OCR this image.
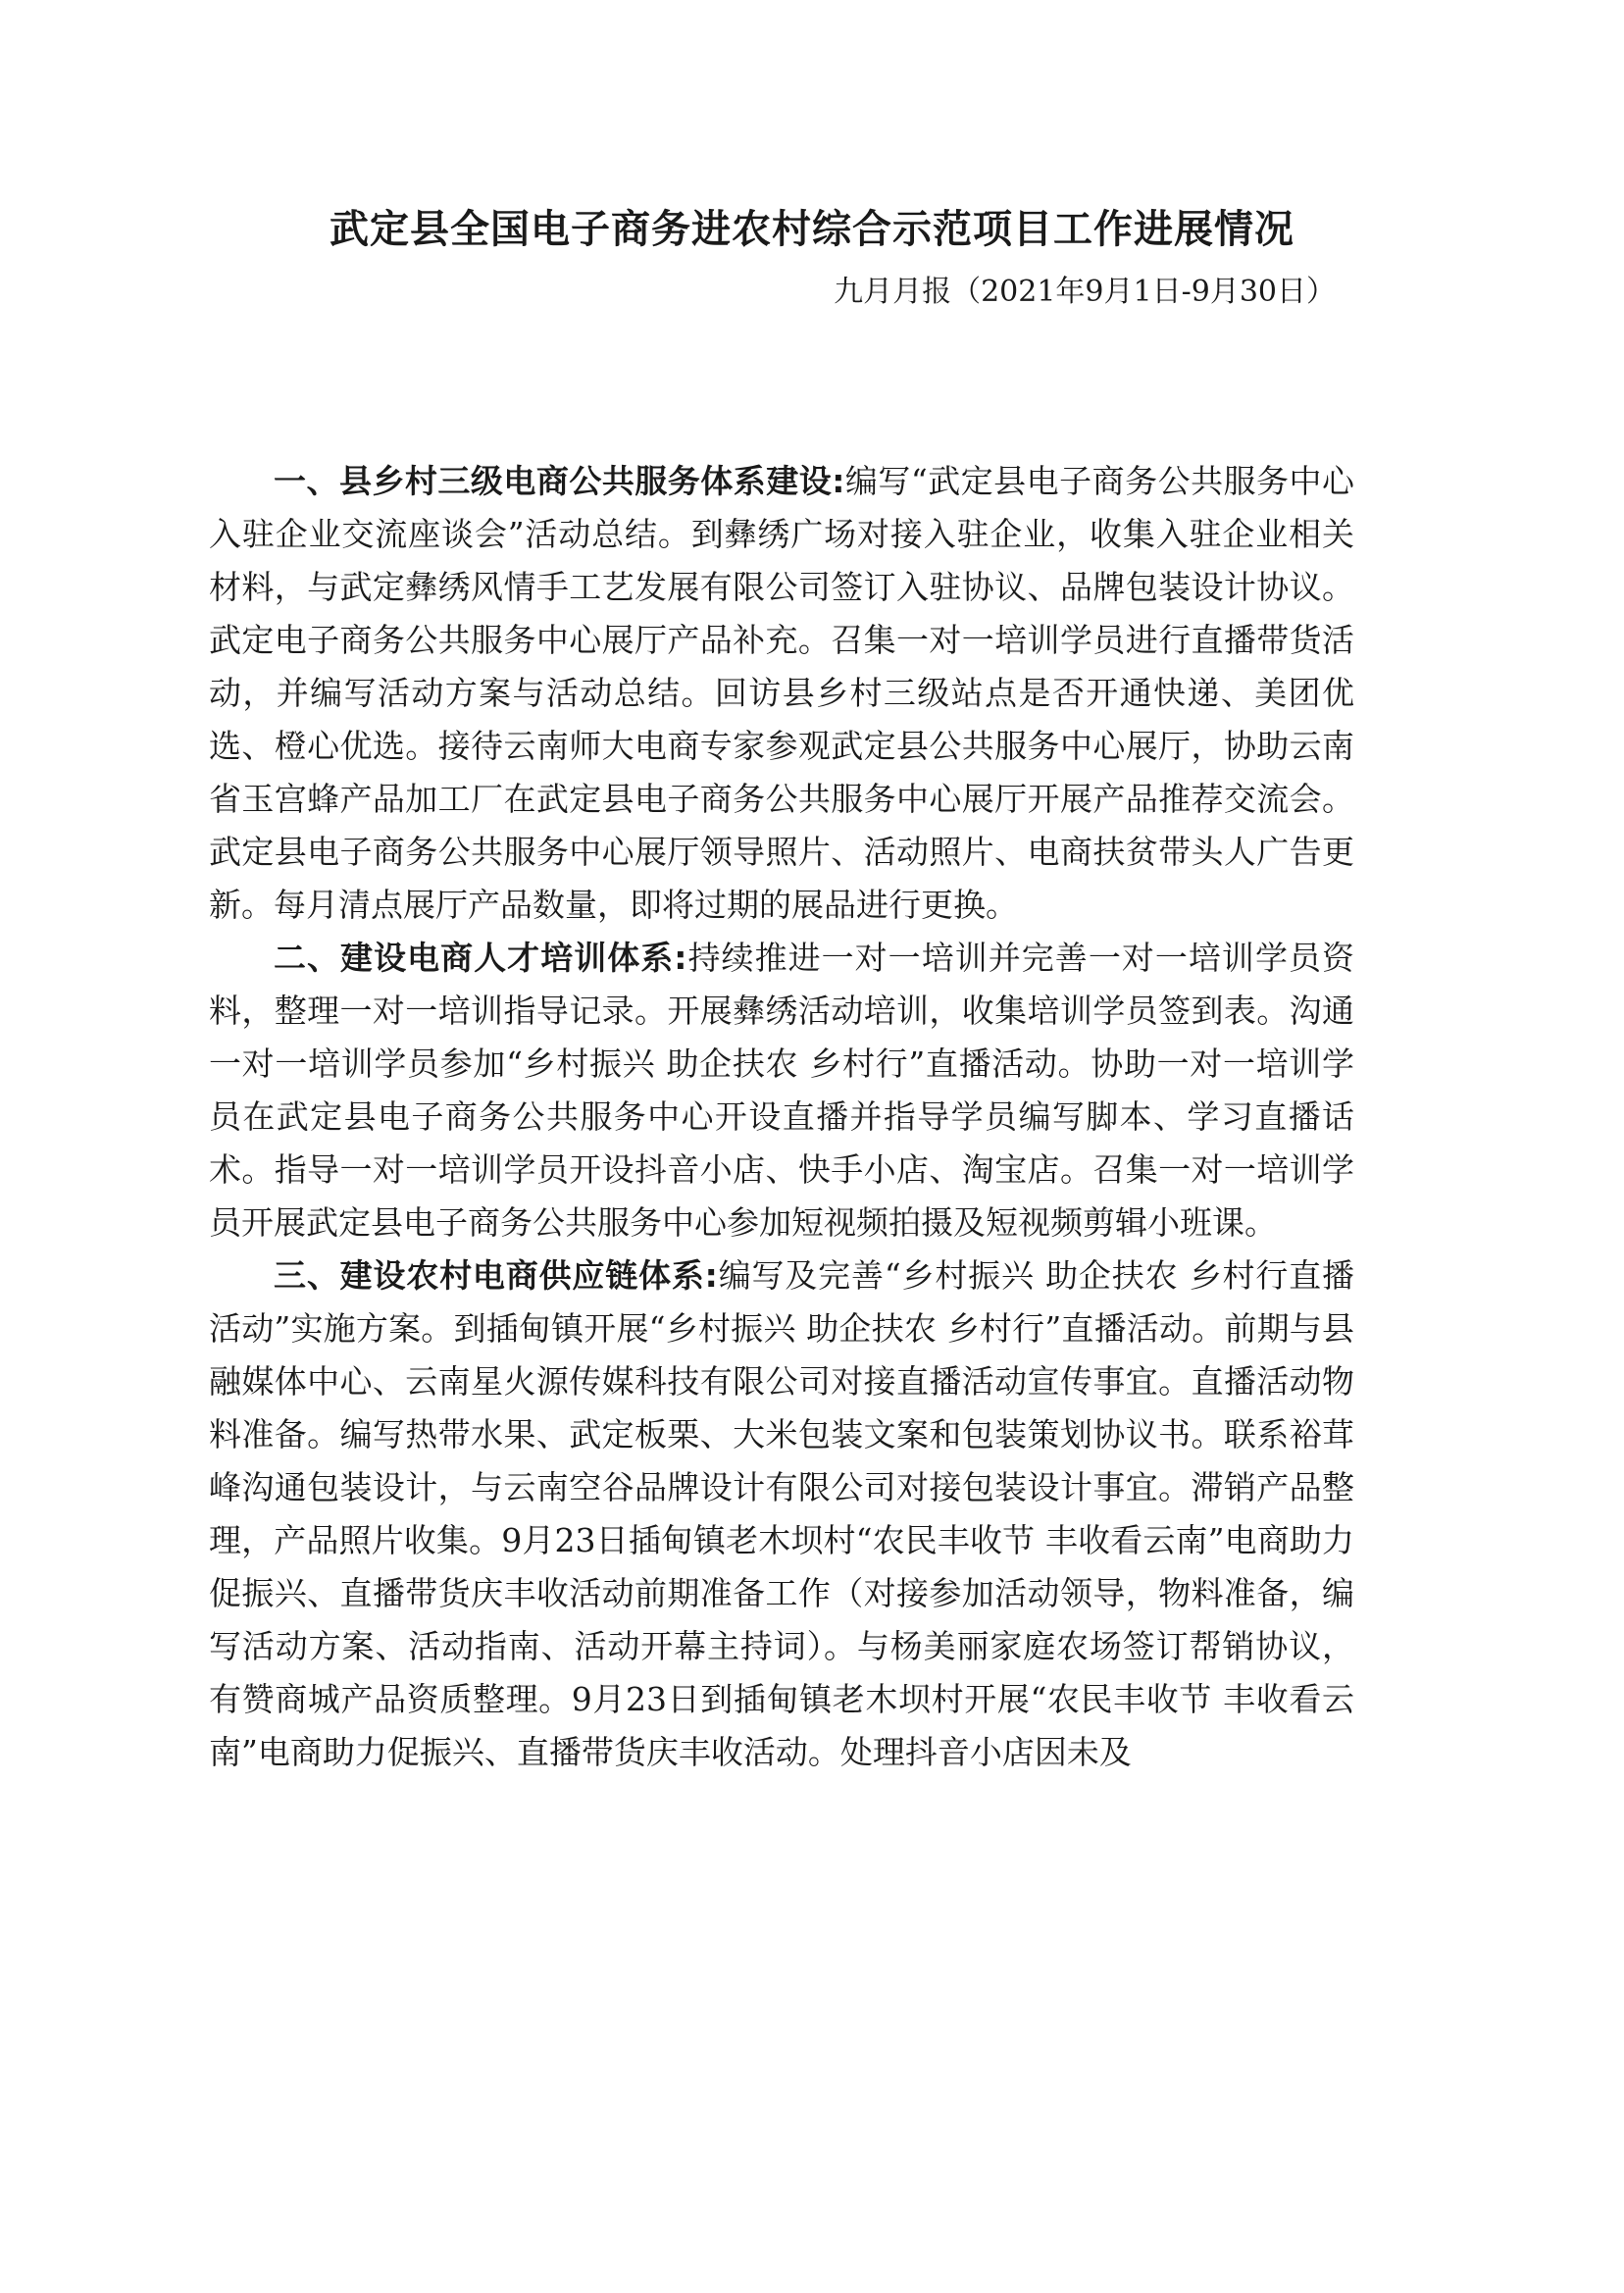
武定县全国电子商务进农村综合示范项目工作进展情况
九月月报（2021年9月1日-9月30日）

一、县乡村三级电商公共服务体系建设:编写“武定县电子商务公共服务中心入驻企业交流座谈会”活动总结。到彝绣广场对接入驻企业，收集入驻企业相关材料，与武定彝绣风情手工艺发展有限公司签订入驻协议、品牌包装设计协议。武定电子商务公共服务中心展厅产品补充。召集一对一培训学员进行直播带货活动，并编写活动方案与活动总结。回访县乡村三级站点是否开通快递、美团优选、橙心优选。接待云南师大电商专家参观武定县公共服务中心展厅，协助云南省玉宫蜂产品加工厂在武定县电子商务公共服务中心展厅开展产品推荐交流会。武定县电子商务公共服务中心展厅领导照片、活动照片、电商扶贫带头人广告更新。每月清点展厅产品数量，即将过期的展品进行更换。

二、建设电商人才培训体系:持续推进一对一培训并完善一对一培训学员资料，整理一对一培训指导记录。开展彝绣活动培训，收集培训学员签到表。沟通一对一培训学员参加“乡村振兴 助企扶农 乡村行”直播活动。协助一对一培训学员在武定县电子商务公共服务中心开设直播并指导学员编写脚本、学习直播话术。指导一对一培训学员开设抖音小店、快手小店、淘宝店。召集一对一培训学员开展武定县电子商务公共服务中心参加短视频拍摄及短视频剪辑小班课。

三、建设农村电商供应链体系:编写及完善“乡村振兴 助企扶农 乡村行直播活动”实施方案。到插甸镇开展“乡村振兴 助企扶农 乡村行”直播活动。前期与县融媒体中心、云南星火源传媒科技有限公司对接直播活动宣传事宜。直播活动物料准备。编写热带水果、武定板栗、大米包装文案和包装策划协议书。联系裕茸峰沟通包装设计，与云南空谷品牌设计有限公司对接包装设计事宜。滞销产品整理，产品照片收集。9月23日插甸镇老木坝村“农民丰收节 丰收看云南”电商助力促振兴、直播带货庆丰收活动前期准备工作（对接参加活动领导，物料准备，编写活动方案、活动指南、活动开幕主持词）。与杨美丽家庭农场签订帮销协议，有赞商城产品资质整理。9月23日到插甸镇老木坝村开展“农民丰收节 丰收看云南”电商助力促振兴、直播带货庆丰收活动。处理抖音小店因未及
